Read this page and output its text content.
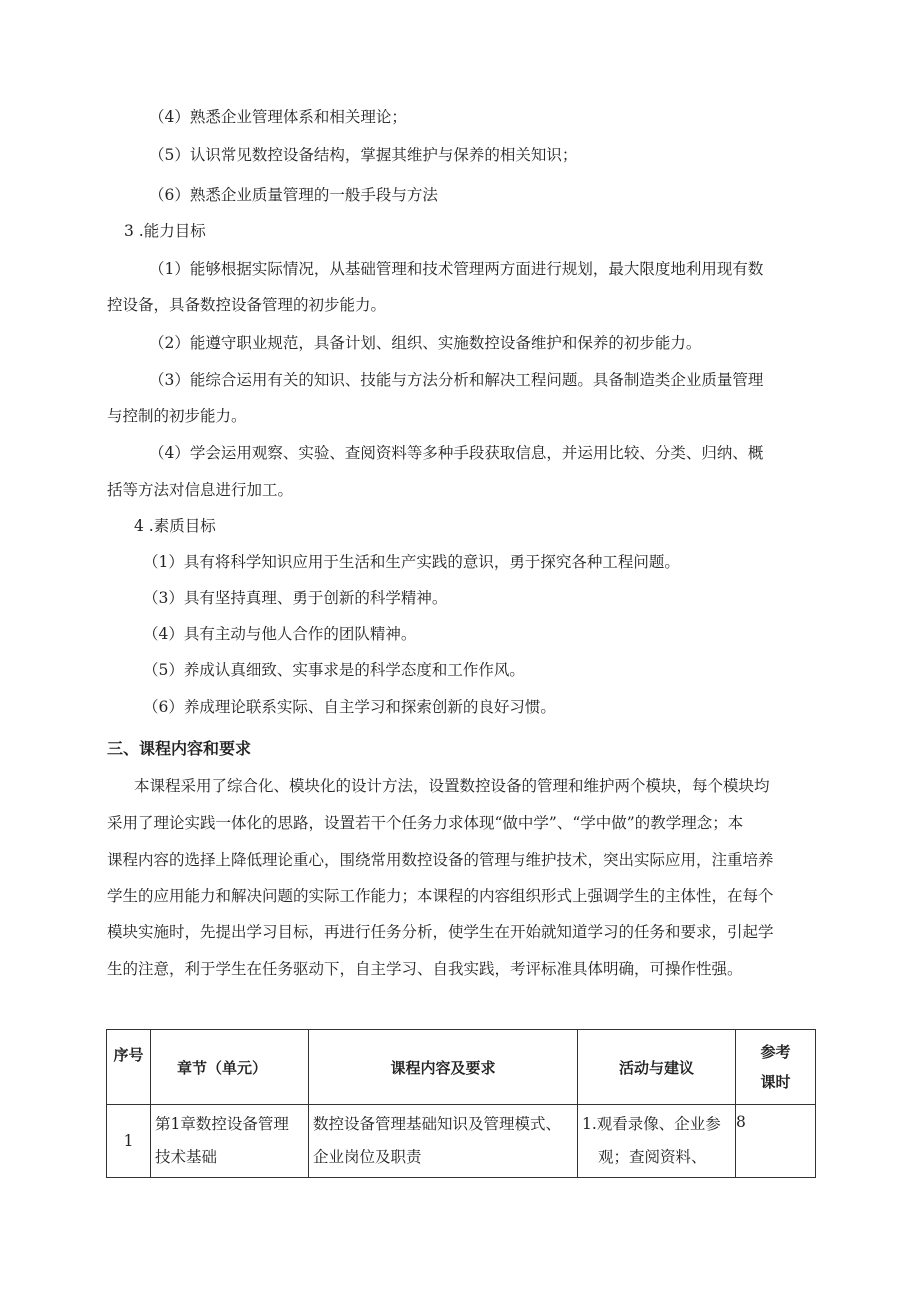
（4）熟悉企业管理体系和相关理论；
（5）认识常见数控设备结构，掌握其维护与保养的相关知识；
（6）熟悉企业质量管理的一般手段与方法
3 .能力目标
（1）能够根据实际情况，从基础管理和技术管理两方面进行规划，最大限度地利用现有数
控设备，具备数控设备管理的初步能力。
（2）能遵守职业规范，具备计划、组织、实施数控设备维护和保养的初步能力。
（3）能综合运用有关的知识、技能与方法分析和解决工程问题。具备制造类企业质量管理
与控制的初步能力。
（4）学会运用观察、实验、查阅资料等多种手段获取信息，并运用比较、分类、归纳、概
括等方法对信息进行加工。
4 .素质目标
（1）具有将科学知识应用于生活和生产实践的意识，勇于探究各种工程问题。
（3）具有坚持真理、勇于创新的科学精神。
（4）具有主动与他人合作的团队精神。
（5）养成认真细致、实事求是的科学态度和工作作风。
（6）养成理论联系实际、自主学习和探索创新的良好习惯。
三、课程内容和要求
本课程采用了综合化、模块化的设计方法，设置数控设备的管理和维护两个模块，每个模块均
采用了理论实践一体化的思路，设置若干个任务力求体现“做中学”、“学中做”的教学理念；本
课程内容的选择上降低理论重心，围绕常用数控设备的管理与维护技术，突出实际应用，注重培养
学生的应用能力和解决问题的实际工作能力；本课程的内容组织形式上强调学生的主体性，在每个
模块实施时，先提出学习目标，再进行任务分析，使学生在开始就知道学习的任务和要求，引起学
生的注意，利于学生在任务驱动下，自主学习、自我实践，考评标准具体明确，可操作性强。
序号	章节（单元）	课程内容及要求	活动与建议	参考
课时

1	第1章数控设备管理技术基础	数控设备管理基础知识及管理模式、企业岗位及职责	1.观看录像、企业参观；查阅资料、	8
